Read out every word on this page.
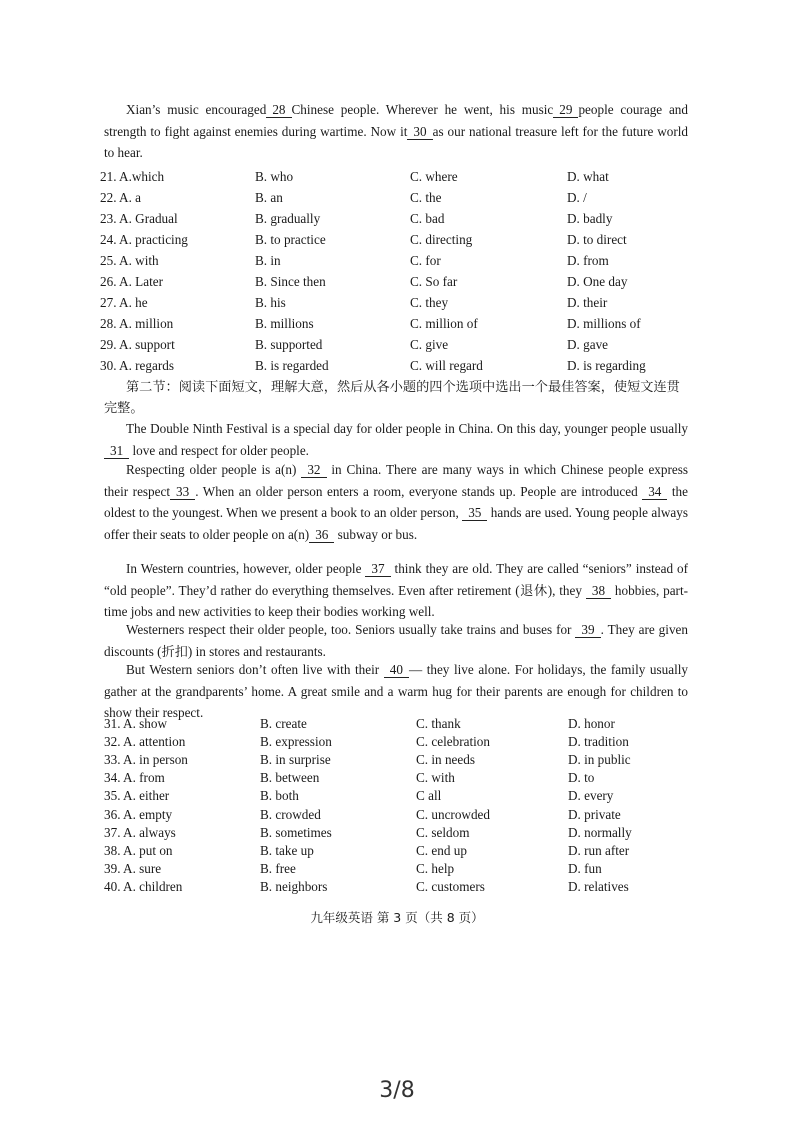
Xian’s music encouraged 28 Chinese people. Wherever he went, his music 29 people courage and strength to fight against enemies during wartime. Now it 30 as our national treasure left for the future world to hear.
21. A.which	B. who	C. where	D. what
22. A. a	B. an	C. the	D. /
23. A. Gradual	B. gradually	C. bad	D. badly
24. A. practicing	B. to practice	C. directing	D. to direct
25. A. with	B. in	C. for	D. from
26. A. Later	B. Since then	C. So far	D. One day
27. A. he	B. his	C. they	D. their
28. A. million	B. millions	C. million of	D. millions of
29. A. support	B. supported	C. give	D. gave
30. A. regards	B. is regarded	C. will regard	D. is regarding
第二节：阅读下面短文，理解大意，然后从各小题的四个选项中选出一个最佳答案，使短文连贯完整。
The Double Ninth Festival is a special day for older people in China. On this day, younger people usually 31 love and respect for older people.
Respecting older people is a(n) 32 in China. There are many ways in which Chinese people express their respect 33 . When an older person enters a room, everyone stands up. People are introduced 34 the oldest to the youngest. When we present a book to an older person, 35 hands are used. Young people always offer their seats to older people on a(n) 36 subway or bus.
In Western countries, however, older people 37 think they are old. They are called “seniors” instead of “old people”. They’d rather do everything themselves. Even after retirement (退休), they 38 hobbies, part-time jobs and new activities to keep their bodies working well.
Westerners respect their older people, too. Seniors usually take trains and buses for 39 . They are given discounts (折扣) in stores and restaurants.
But Western seniors don’t often live with their 40 — they live alone. For holidays, the family usually gather at the grandparents’ home. A great smile and a warm hug for their parents are enough for children to show their respect.
31. A. show	B. create	C. thank	D. honor
32. A. attention	B. expression	C. celebration	D. tradition
33. A. in person	B. in surprise	C. in needs	D. in public
34. A. from	B. between	C. with	D. to
35. A. either	B. both	C all	D. every
36. A. empty	B. crowded	C. uncrowded	D. private
37. A. always	B. sometimes	C. seldom	D. normally
38. A. put on	B. take up	C. end up	D. run after
39. A. sure	B. free	C. help	D. fun
40. A. children	B. neighbors	C. customers	D. relatives
九年级英语 第 3 页（共 8 页）
3/8
